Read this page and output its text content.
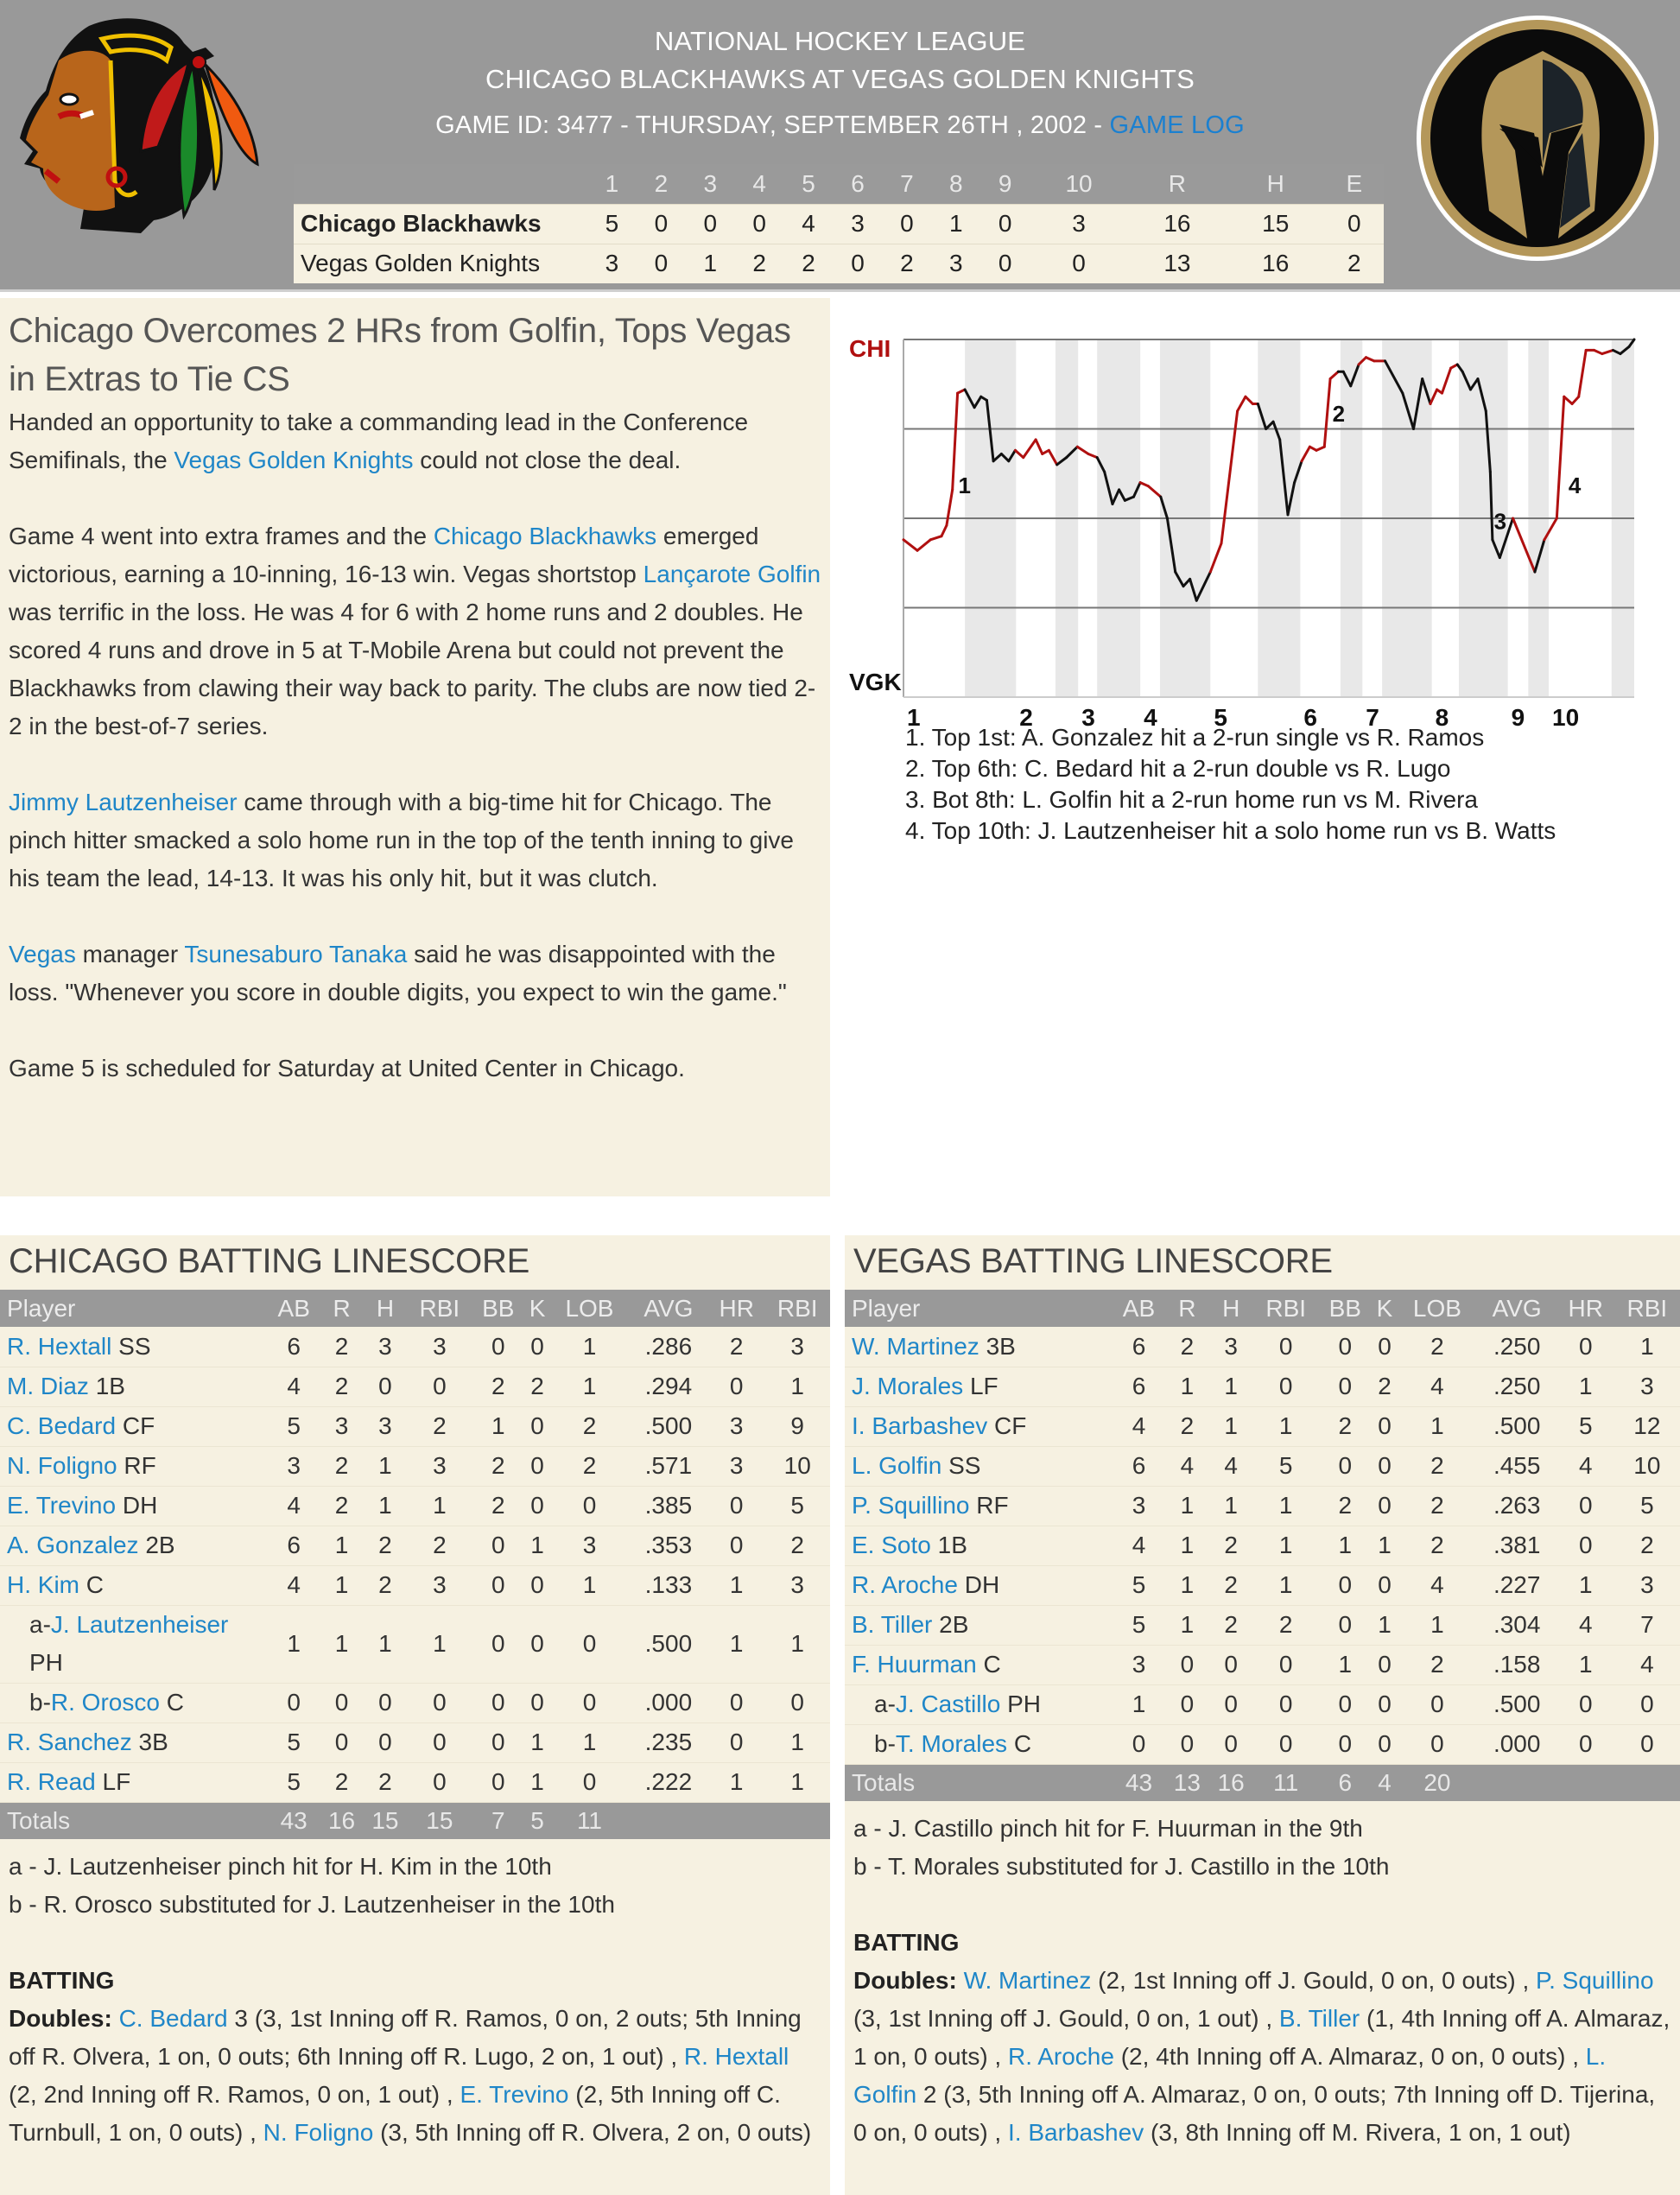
NATIONAL HOCKEY LEAGUE
CHICAGO BLACKHAWKS AT VEGAS GOLDEN KNIGHTS
GAME ID: 3477 - THURSDAY, SEPTEMBER 26TH , 2002 - GAME LOG
	1	2	3	4	5	6	7	8	9	10	R	H	E
Chicago Blackhawks	5	0	0	0	4	3	0	1	0	3	16	15	0
Vegas Golden Knights	3	0	1	2	2	0	2	3	0	0	13	16	2
Chicago Overcomes 2 HRs from Golfin, Tops Vegas in Extras to Tie CS

Handed an opportunity to take a commanding lead in the Conference Semifinals, the Vegas Golden Knights could not close the deal.

Game 4 went into extra frames and the Chicago Blackhawks emerged victorious, earning a 10-inning, 16-13 win. Vegas shortstop Lançarote Golfin was terrific in the loss. He was 4 for 6 with 2 home runs and 2 doubles. He scored 4 runs and drove in 5 at T-Mobile Arena but could not prevent the Blackhawks from clawing their way back to parity. The clubs are now tied 2-2 in the best-of-7 series.

Jimmy Lautzenheiser came through with a big-time hit for Chicago. The pinch hitter smacked a solo home run in the top of the tenth inning to give his team the lead, 14-13. It was his only hit, but it was clutch.

Vegas manager Tsunesaburo Tanaka said he was disappointed with the loss. "Whenever you score in double digits, you expect to win the game."

Game 5 is scheduled for Saturday at United Center in Chicago.

1
2
3
4
CHI
VGK
1	2 3 4 5	6 7 8	9 10
1. Top 1st: A. Gonzalez hit a 2-run single vs R. Ramos
2. Top 6th: C. Bedard hit a 2-run double vs R. Lugo
3. Bot 8th: L. Golfin hit a 2-run home run vs M. Rivera
4. Top 10th: J. Lautzenheiser hit a solo home run vs B. Watts
CHICAGO BATTING LINESCORE
Player	AB	R	H	RBI	BB	K	LOB	AVG	HR	RBI
R. Hextall SS	6	2	3	3	0	0	1	.286	2	3
M. Diaz 1B	4	2	0	0	2	2	1	.294	0	1
C. Bedard CF	5	3	3	2	1	0	2	.500	3	9
N. Foligno RF	3	2	1	3	2	0	2	.571	3	10
E. Trevino DH	4	2	1	1	2	0	0	.385	0	5
A. Gonzalez 2B	6	1	2	2	0	1	3	.353	0	2
H. Kim C	4	1	2	3	0	0	1	.133	1	3
a-J. Lautzenheiser PH	1	1	1	1	0	0	0	.500	1	1
b-R. Orosco C	0	0	0	0	0	0	0	.000	0	0
R. Sanchez 3B	5	0	0	0	0	1	1	.235	0	1
R. Read LF	5	2	2	0	0	1	0	.222	1	1
Totals	43	16	15	15	7	5	11			
a - J. Lautzenheiser pinch hit for H. Kim in the 10th
b - R. Orosco substituted for J. Lautzenheiser in the 10th
BATTING
Doubles: C. Bedard 3 (3, 1st Inning off R. Ramos, 0 on, 2 outs; 5th Inning off R. Olvera, 1 on, 0 outs; 6th Inning off R. Lugo, 2 on, 1 out) , R. Hextall (2, 2nd Inning off R. Ramos, 0 on, 1 out) , E. Trevino (2, 5th Inning off C. Turnbull, 1 on, 0 outs) , N. Foligno (3, 5th Inning off R. Olvera, 2 on, 0 outs)
VEGAS BATTING LINESCORE
Player	AB	R	H	RBI	BB	K	LOB	AVG	HR	RBI
W. Martinez 3B	6	2	3	0	0	0	2	.250	0	1
J. Morales LF	6	1	1	0	0	2	4	.250	1	3
I. Barbashev CF	4	2	1	1	2	0	1	.500	5	12
L. Golfin SS	6	4	4	5	0	0	2	.455	4	10
P. Squillino RF	3	1	1	1	2	0	2	.263	0	5
E. Soto 1B	4	1	2	1	1	1	2	.381	0	2
R. Aroche DH	5	1	2	1	0	0	4	.227	1	3
B. Tiller 2B	5	1	2	2	0	1	1	.304	4	7
F. Huurman C	3	0	0	0	1	0	2	.158	1	4
a-J. Castillo PH	1	0	0	0	0	0	0	.500	0	0
b-T. Morales C	0	0	0	0	0	0	0	.000	0	0
Totals	43	13	16	11	6	4	20			
a - J. Castillo pinch hit for F. Huurman in the 9th
b - T. Morales substituted for J. Castillo in the 10th
BATTING
Doubles: W. Martinez (2, 1st Inning off J. Gould, 0 on, 0 outs) , P. Squillino (3, 1st Inning off J. Gould, 0 on, 1 out) , B. Tiller (1, 4th Inning off A. Almaraz, 1 on, 0 outs) , R. Aroche (2, 4th Inning off A. Almaraz, 0 on, 0 outs) , L. Golfin 2 (3, 5th Inning off A. Almaraz, 0 on, 0 outs; 7th Inning off D. Tijerina, 0 on, 0 outs) , I. Barbashev (3, 8th Inning off M. Rivera, 1 on, 1 out)
